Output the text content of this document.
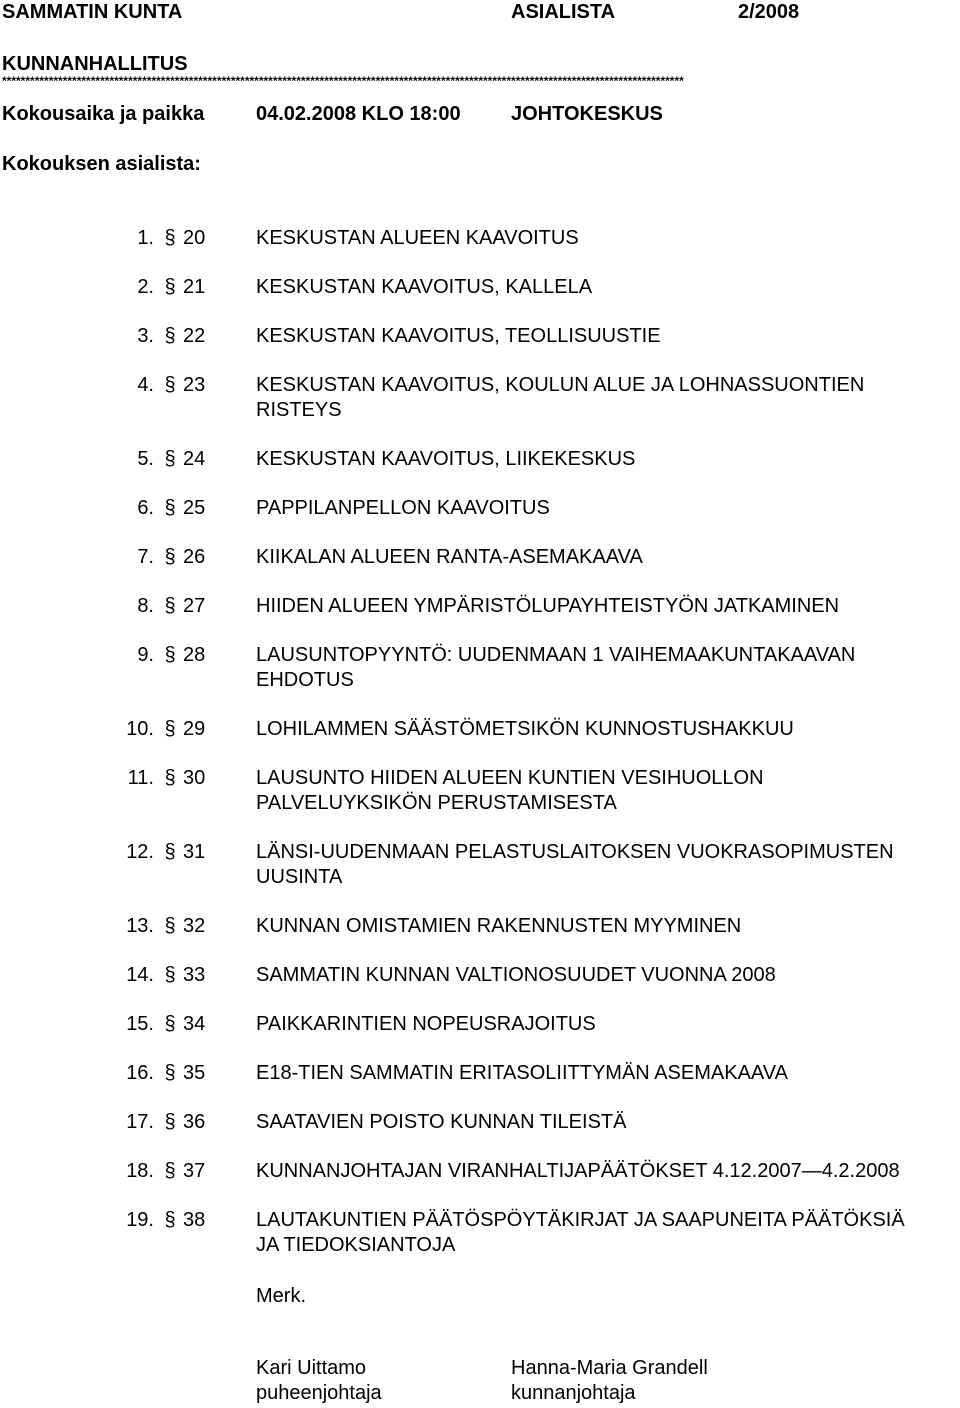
SAMMATIN KUNTA	ASIALISTA	2/2008
KUNNANHALLITUS
**************************************************************************************************************************************************
Kokousaika ja paikka	04.02.2008 KLO 18:00	JOHTOKESKUS
Kokouksen asialista:
1. § 20	KESKUSTAN ALUEEN KAAVOITUS
2. § 21	KESKUSTAN KAAVOITUS, KALLELA
3. § 22	KESKUSTAN KAAVOITUS, TEOLLISUUSTIE
4. § 23	KESKUSTAN KAAVOITUS, KOULUN ALUE JA LOHNASSUONTIEN
RISTEYS
5. § 24	KESKUSTAN KAAVOITUS, LIIKEKESKUS
6. § 25	PAPPILANPELLON KAAVOITUS
7. § 26	KIIKALAN ALUEEN RANTA-ASEMAKAAVA
8. § 27	HIIDEN ALUEEN YMPÄRISTÖLUPAYHTEISTYÖN JATKAMINEN
9. § 28	LAUSUNTOPYYNTÖ: UUDENMAAN 1 VAIHEMAAKUNTAKAAVAN
EHDOTUS
10. § 29	LOHILAMMEN SÄÄSTÖMETSIKÖN KUNNOSTUSHAKKUU
11. § 30	LAUSUNTO HIIDEN ALUEEN KUNTIEN VESIHUOLLON
PALVELUYKSIKÖN PERUSTAMISESTA
12. § 31	LÄNSI-UUDENMAAN PELASTUSLAITOKSEN VUOKRASOPIMUSTEN
UUSINTA
13. § 32	KUNNAN OMISTAMIEN RAKENNUSTEN MYYMINEN
14. § 33	SAMMATIN KUNNAN VALTIONOSUUDET VUONNA 2008
15. § 34	PAIKKARINTIEN NOPEUSRAJOITUS
16. § 35	E18-TIEN SAMMATIN ERITASOLIITTYMÄN ASEMAKAAVA
17. § 36	SAATAVIEN POISTO KUNNAN TILEISTÄ
18. § 37	KUNNANJOHTAJAN VIRANHALTIJAPÄÄTÖKSET 4.12.2007—4.2.2008
19. § 38	LAUTAKUNTIEN PÄÄTÖSPÖYTÄKIRJAT JA SAAPUNEITA PÄÄTÖKSIÄ
JA TIEDOKSIANTOJA
Merk.
Kari Uittamo
puheenjohtaja
Hanna-Maria Grandell
kunnanjohtaja
